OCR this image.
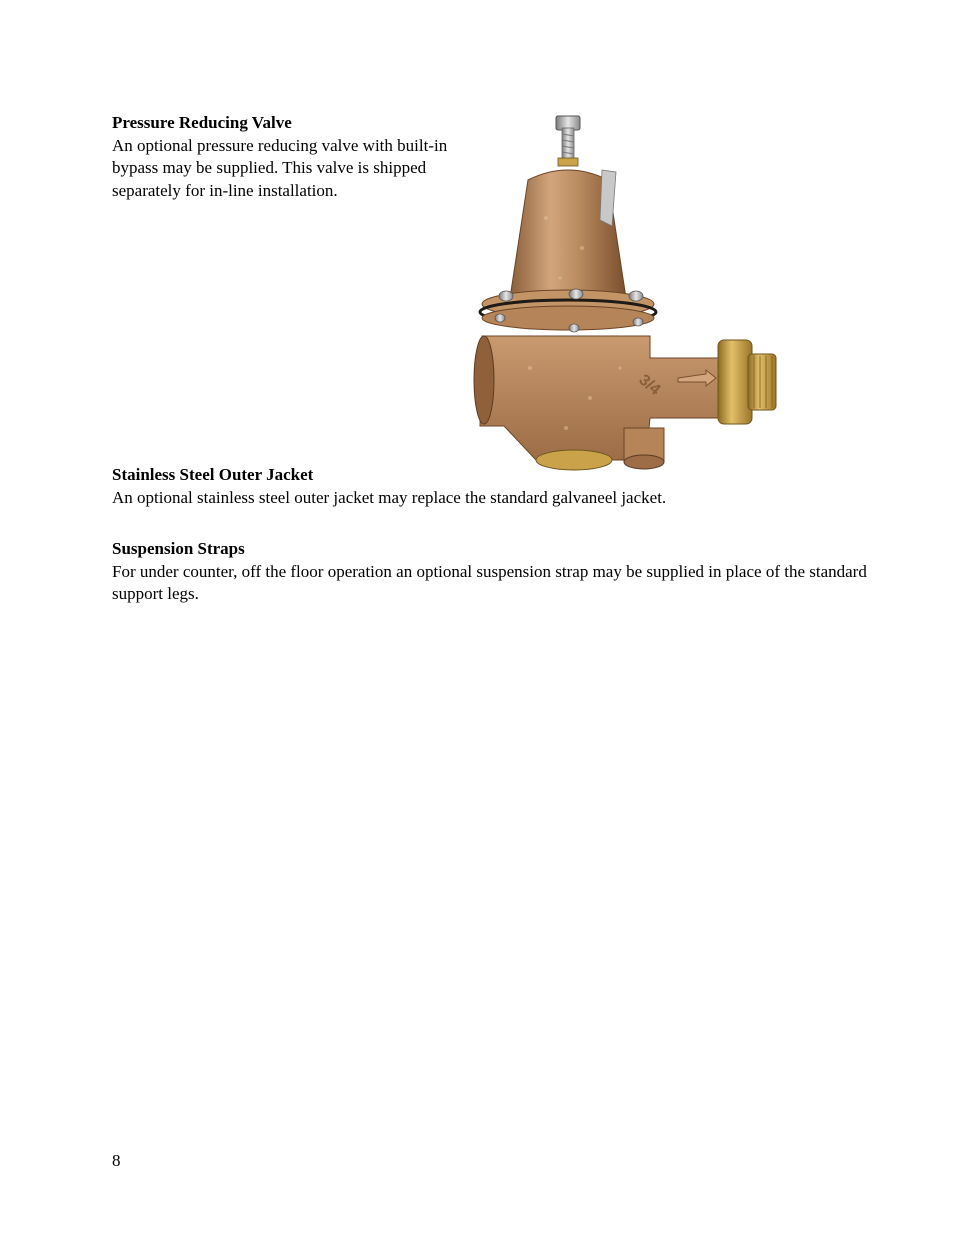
Pressure Reducing Valve
An optional pressure reducing valve with built-in bypass may be supplied. This valve is shipped separately for in-line installation.
3/4
Stainless Steel Outer Jacket
An optional stainless steel outer jacket may replace the standard galvaneel jacket.
Suspension Straps
For under counter, off the floor operation an optional suspension strap may be supplied in place of the standard support legs.
8
